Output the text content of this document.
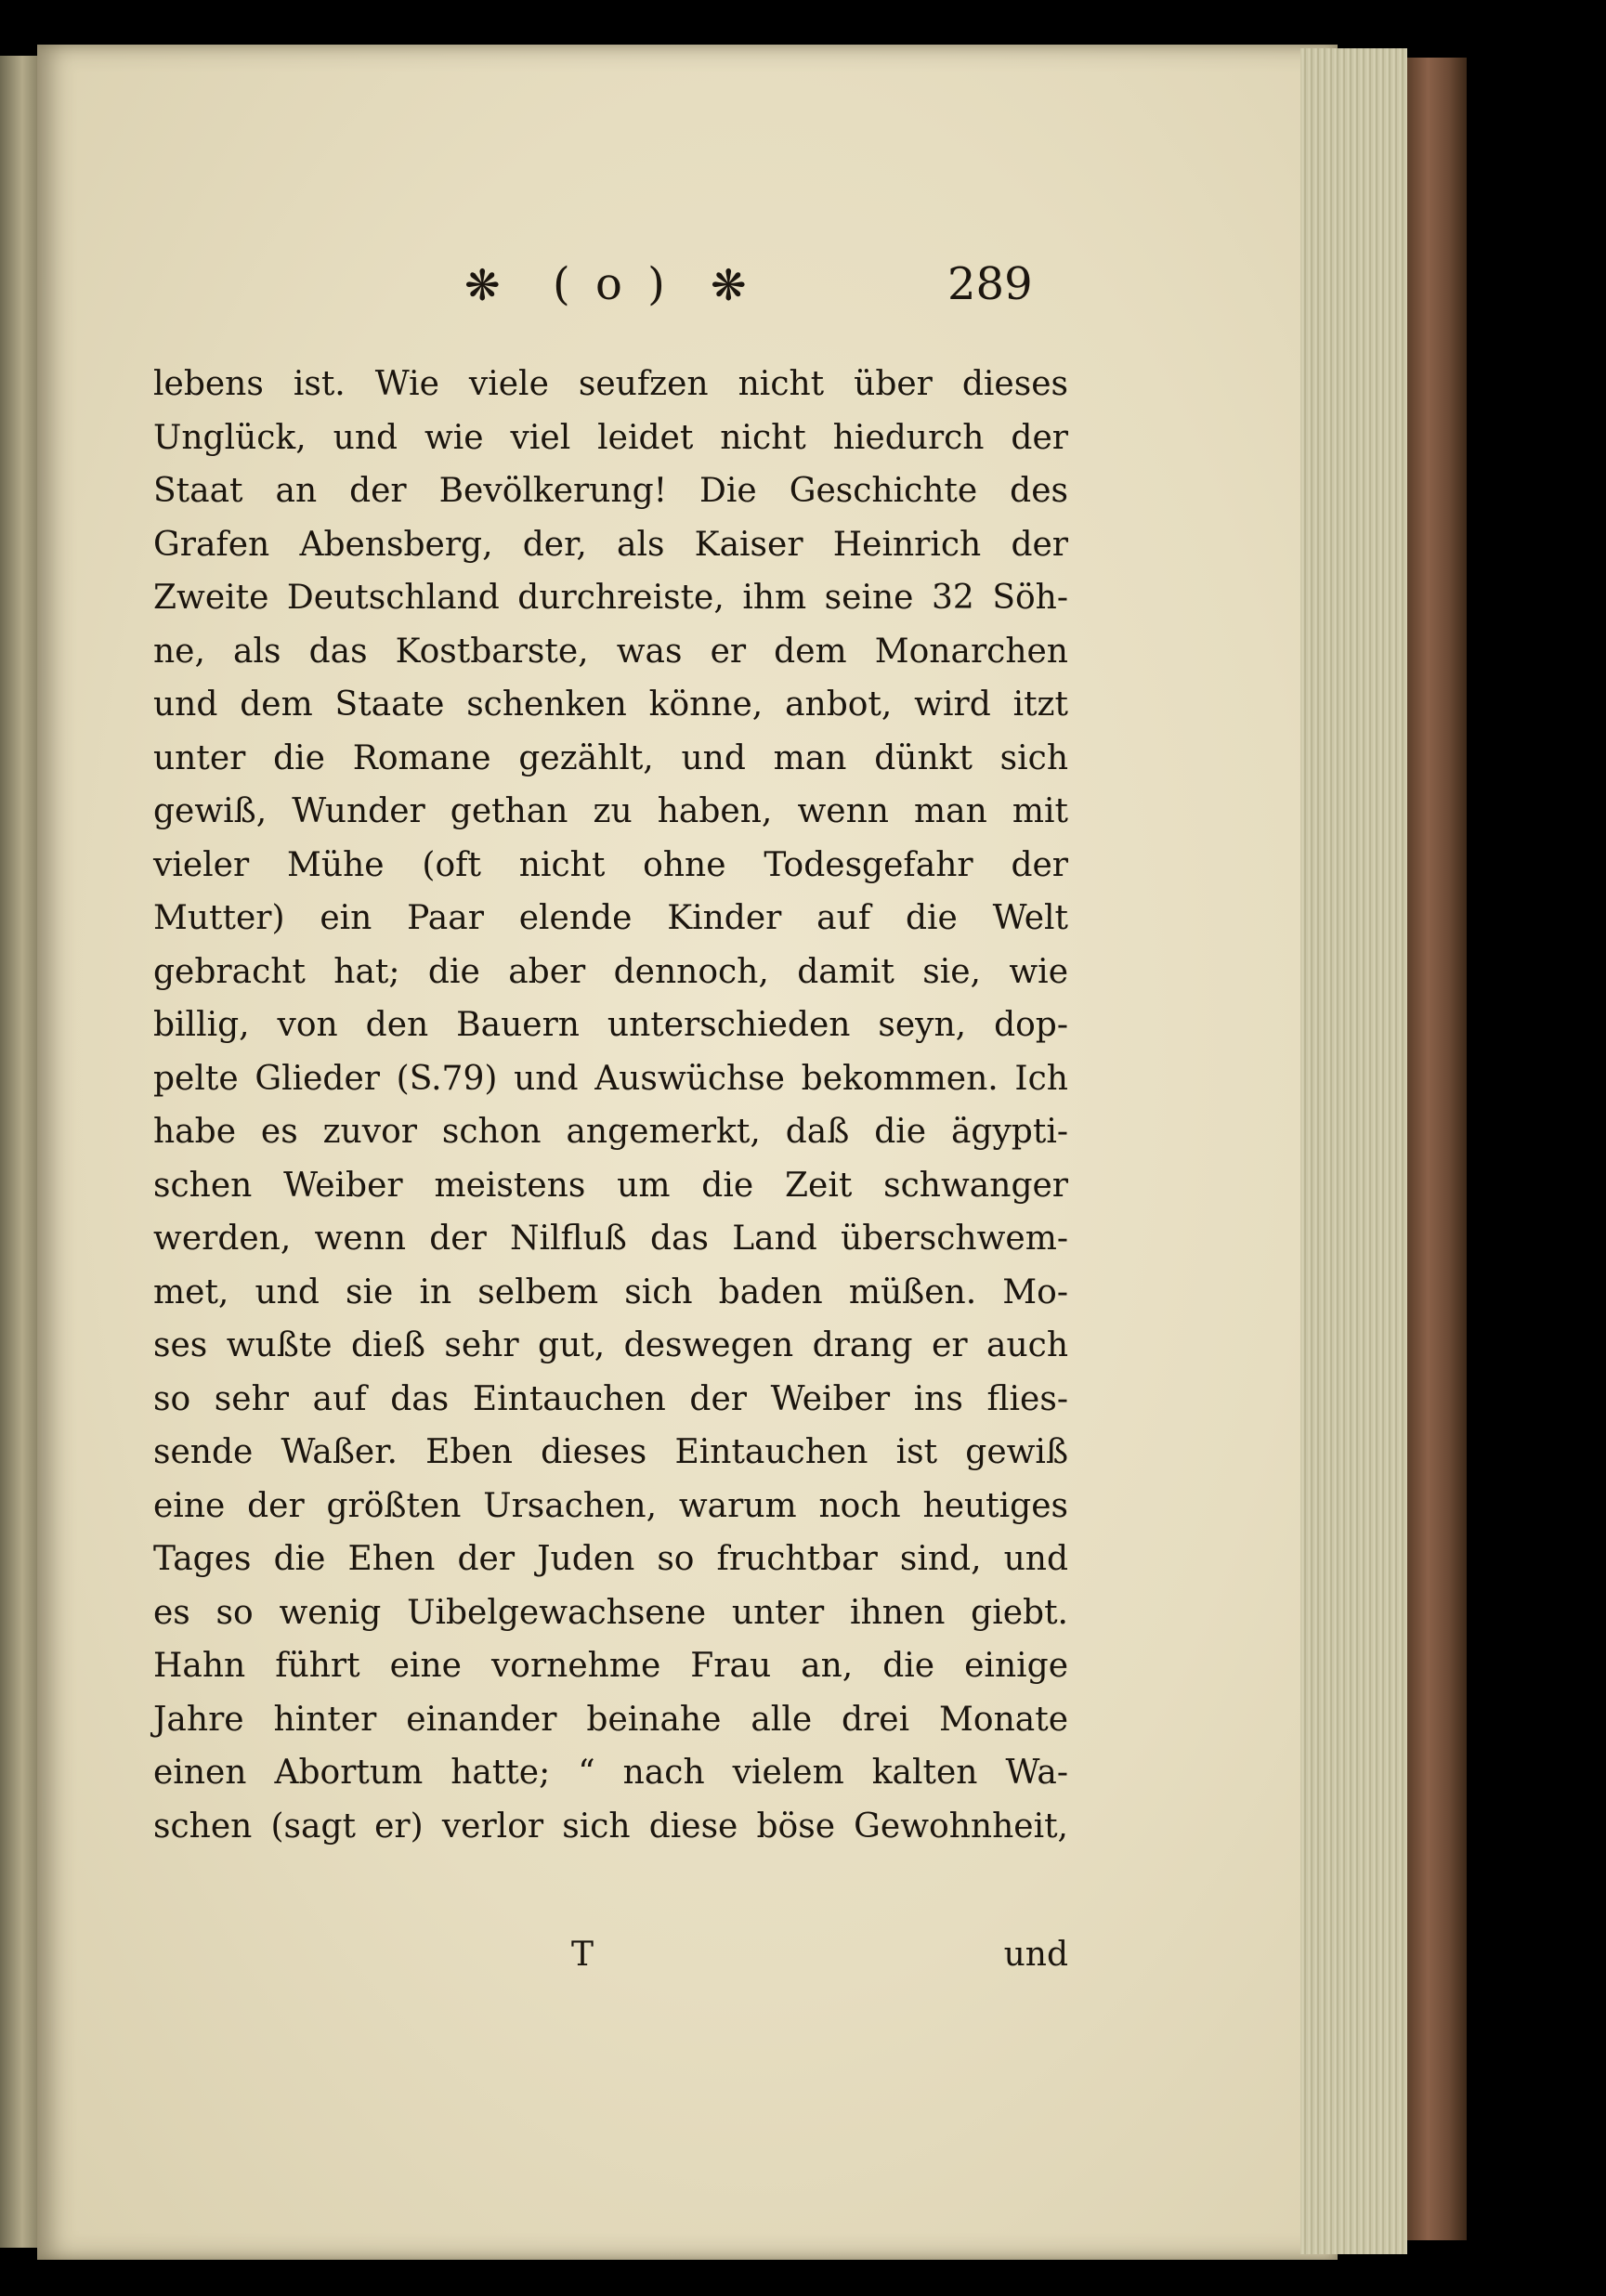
❋ ( o ) ❋	289
lebens ist. Wie viele seufzen nicht über dieses
Unglück, und wie viel leidet nicht hiedurch der
Staat an der Bevölkerung! Die Geschichte des
Grafen Abensberg, der, als Kaiser Heinrich der
Zweite Deutschland durchreiste, ihm seine 32 Söh-
ne, als das Kostbarste, was er dem Monarchen
und dem Staate schenken könne, anbot, wird itzt
unter die Romane gezählt, und man dünkt sich
gewiß, Wunder gethan zu haben, wenn man mit
vieler Mühe (oft nicht ohne Todesgefahr der
Mutter) ein Paar elende Kinder auf die Welt
gebracht hat; die aber dennoch, damit sie, wie
billig, von den Bauern unterschieden seyn, dop-
pelte Glieder (S.79) und Auswüchse bekommen. Ich
habe es zuvor schon angemerkt, daß die ägypti-
schen Weiber meistens um die Zeit schwanger
werden, wenn der Nilfluß das Land überschwem-
met, und sie in selbem sich baden müßen. Mo-
ses wußte dieß sehr gut, deswegen drang er auch
so sehr auf das Eintauchen der Weiber ins flies-
sende Waßer. Eben dieses Eintauchen ist gewiß
eine der größten Ursachen, warum noch heutiges
Tages die Ehen der Juden so fruchtbar sind, und
es so wenig Uibelgewachsene unter ihnen giebt.
Hahn führt eine vornehme Frau an, die einige
Jahre hinter einander beinahe alle drei Monate
einen Abortum hatte; “ nach vielem kalten Wa-
schen (sagt er) verlor sich diese böse Gewohnheit,
T	und
